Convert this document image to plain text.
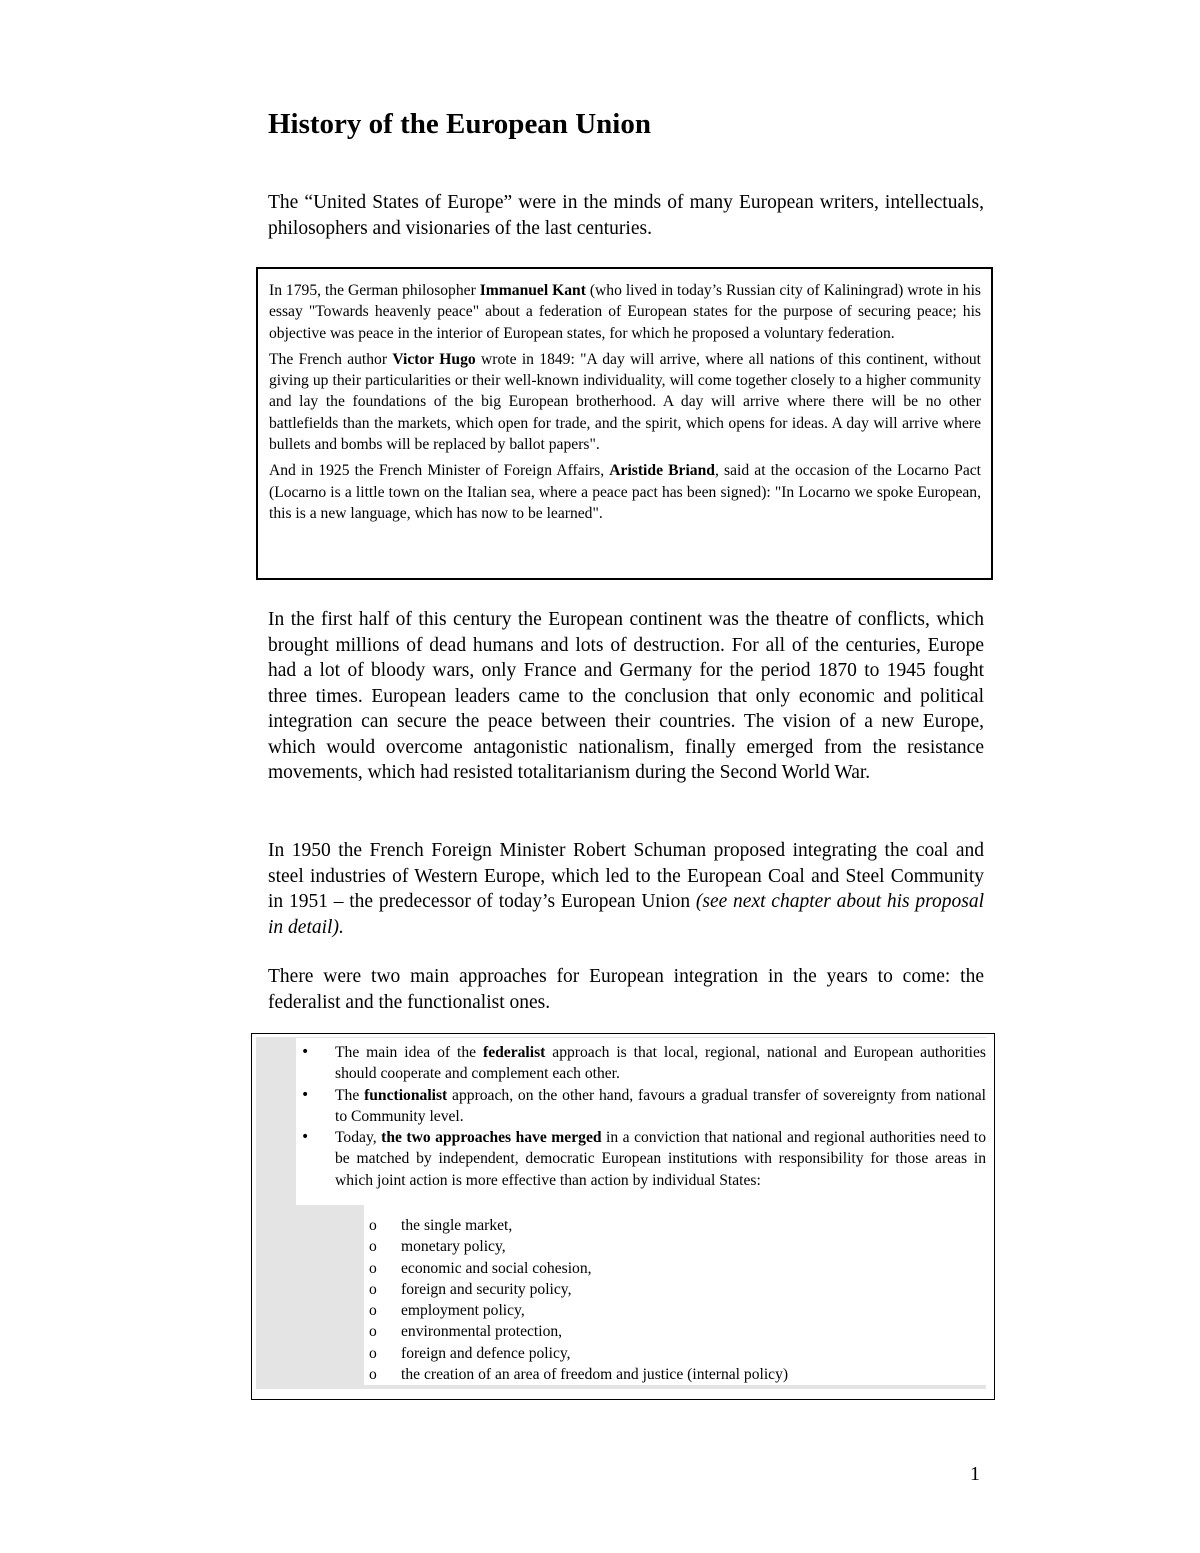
History of the European Union

The “United States of Europe” were in the minds of many European writers, intellectuals, philosophers and visionaries of the last centuries.

In 1795, the German philosopher Immanuel Kant (who lived in today’s Russian city of Kaliningrad) wrote in his essay "Towards heavenly peace" about a federation of European states for the purpose of securing peace; his objective was peace in the interior of European states, for which he proposed a voluntary federation.

The French author Victor Hugo wrote in 1849: "A day will arrive, where all nations of this continent, without giving up their particularities or their well-known individuality, will come together closely to a higher community and lay the foundations of the big European brotherhood. A day will arrive where there will be no other battlefields than the markets, which open for trade, and the spirit, which opens for ideas. A day will arrive where bullets and bombs will be replaced by ballot papers".

And in 1925 the French Minister of Foreign Affairs, Aristide Briand, said at the occasion of the Locarno Pact (Locarno is a little town on the Italian sea, where a peace pact has been signed): "In Locarno we spoke European, this is a new language, which has now to be learned".

In the first half of this century the European continent was the theatre of conflicts, which brought millions of dead humans and lots of destruction. For all of the centuries, Europe had a lot of bloody wars, only France and Germany for the period 1870 to 1945 fought three times. European leaders came to the conclusion that only economic and political integration can secure the peace between their countries. The vision of a new Europe, which would overcome antagonistic nationalism, finally emerged from the resistance movements, which had resisted totalitarianism during the Second World War.

In 1950 the French Foreign Minister Robert Schuman proposed integrating the coal and steel industries of Western Europe, which led to the European Coal and Steel Community in 1951 – the predecessor of today’s European Union (see next chapter about his proposal in detail).

There were two main approaches for European integration in the years to come: the federalist and the functionalist ones.

• The main idea of the federalist approach is that local, regional, national and European authorities should cooperate and complement each other.
• The functionalist approach, on the other hand, favours a gradual transfer of sovereignty from national to Community level.
• Today, the two approaches have merged in a conviction that national and regional authorities need to be matched by independent, democratic European institutions with responsibility for those areas in which joint action is more effective than action by individual States:
o the single market,
o monetary policy,
o economic and social cohesion,
o foreign and security policy,
o employment policy,
o environmental protection,
o foreign and defence policy,
o the creation of an area of freedom and justice (internal policy)
1
